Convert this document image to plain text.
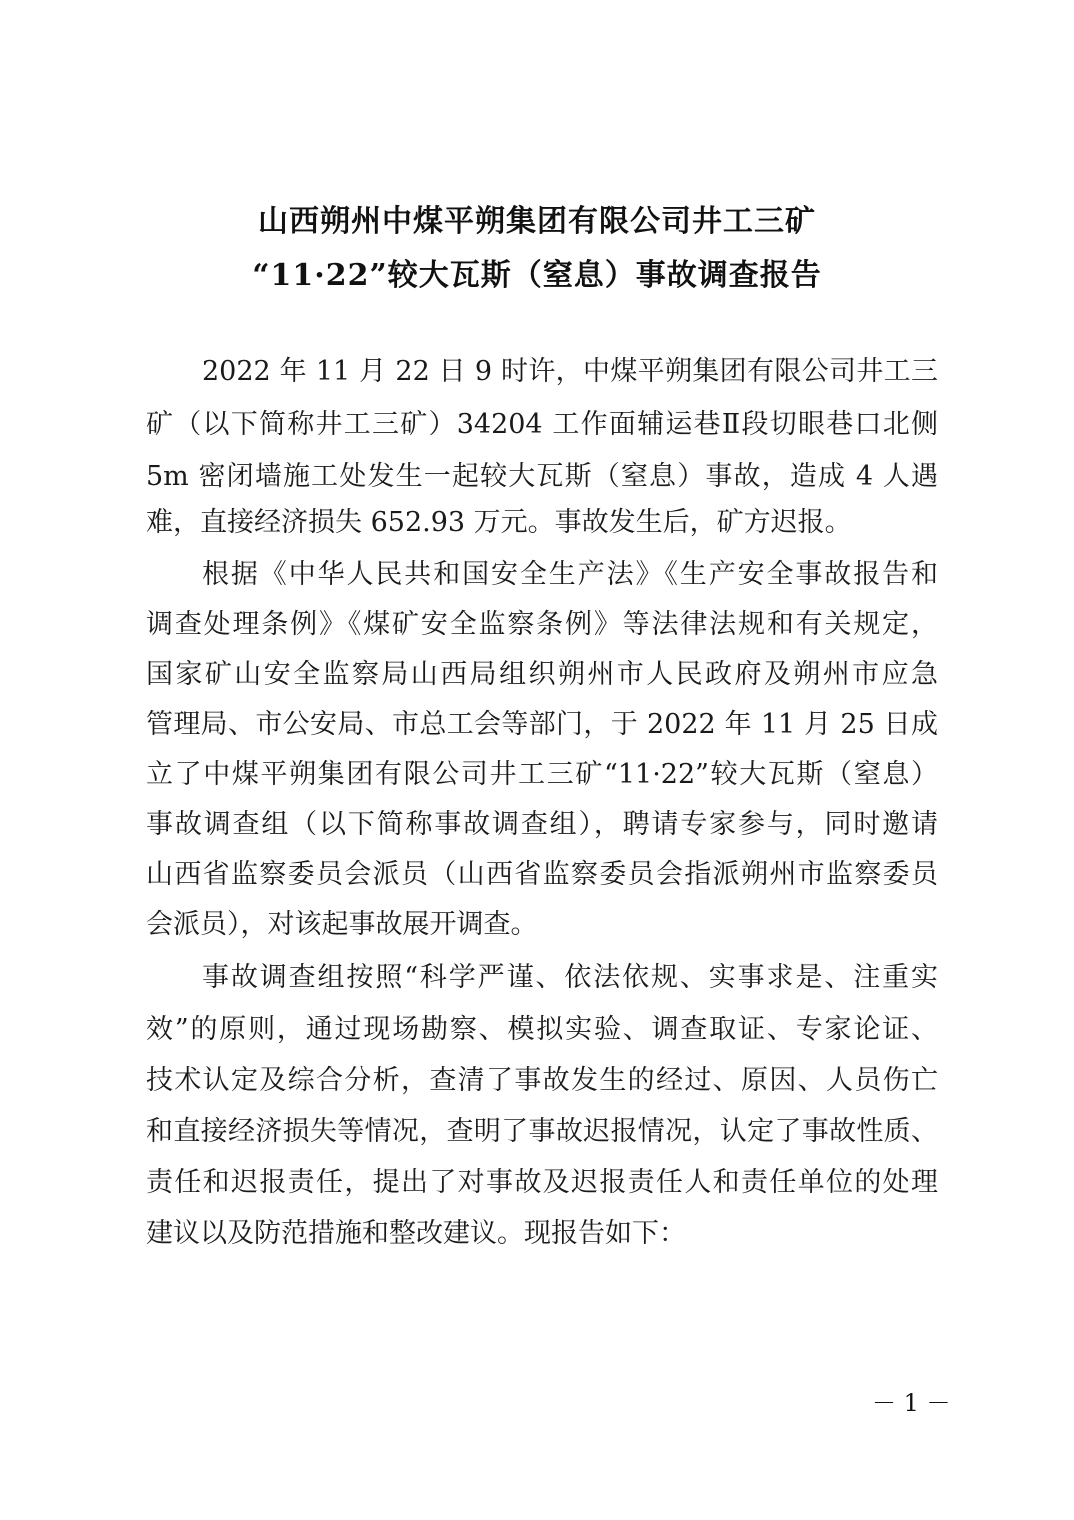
山西朔州中煤平朔集团有限公司井工三矿
“11·22”较大瓦斯（窒息）事故调查报告
2022 年 11 月 22 日 9 时许，中煤平朔集团有限公司井工三
矿（以下简称井工三矿）34204 工作面辅运巷Ⅱ段切眼巷口北侧
5m 密闭墙施工处发生一起较大瓦斯（窒息）事故，造成 4 人遇
难，直接经济损失 652.93 万元。事故发生后，矿方迟报。
根据《中华人民共和国安全生产法》《生产安全事故报告和
调查处理条例》《煤矿安全监察条例》等法律法规和有关规定，
国家矿山安全监察局山西局组织朔州市人民政府及朔州市应急
管理局、市公安局、市总工会等部门，于 2022 年 11 月 25 日成
立了中煤平朔集团有限公司井工三矿“11·22”较大瓦斯（窒息）
事故调查组（以下简称事故调查组），聘请专家参与，同时邀请
山西省监察委员会派员（山西省监察委员会指派朔州市监察委员
会派员），对该起事故展开调查。
事故调查组按照“科学严谨、依法依规、实事求是、注重实
效”的原则，通过现场勘察、模拟实验、调查取证、专家论证、
技术认定及综合分析，查清了事故发生的经过、原因、人员伤亡
和直接经济损失等情况，查明了事故迟报情况，认定了事故性质、
责任和迟报责任，提出了对事故及迟报责任人和责任单位的处理
建议以及防范措施和整改建议。现报告如下：
－ 1 －
